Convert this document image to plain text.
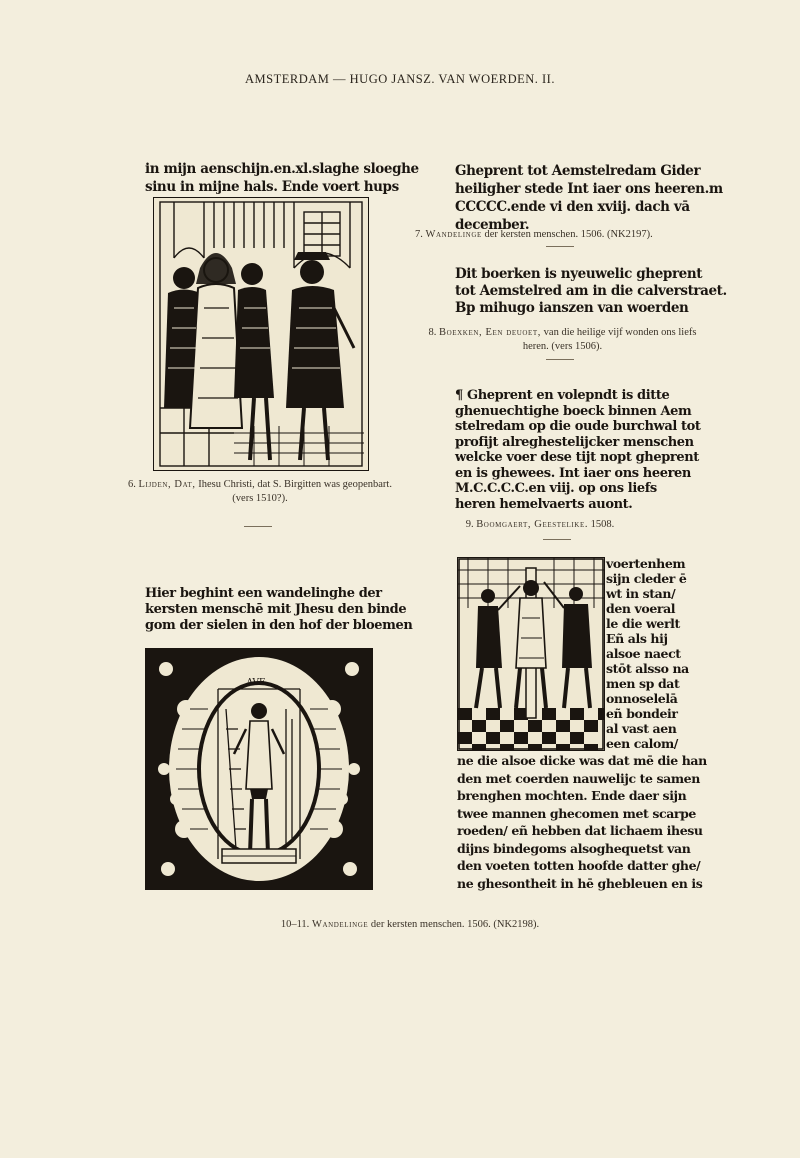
AMSTERDAM — HUGO JANSZ. VAN WOERDEN. II.
in mijn aenschijn.en.xl.slaghe sloeghe
sinu in mijne hals. Ende voert hups
6. Lijden, Dat, Ihesu Christi, dat S. Birgitten was geopenbart.
(vers 1510?).
Gheprent tot Aemstelredam Gider
heiligher stede Int iaer ons heeren.m
CCCCC.ende vi den xviij. dach vā
december.
7. Wandelinge der kersten menschen. 1506. (NK2197).
Dit boerken is nyeuwelic gheprent
tot Aemstelred am in die calverstraet.
Bp mihugo ianszen van woerden
8. Boexken, Een deuoet, van die heilige vijf wonden ons liefs
heren. (vers 1506).
¶ Gheprent en volepndt is ditte
ghenuechtighe boeck binnen Aem
stelredam op die oude burchwal tot
profijt alreghestelijcker menschen
welcke voer dese tijt nopt gheprent
en is ghewees. Int iaer ons heeren
M.C.C.C.C.en viij. op ons liefs
heren hemelvaerts auont.
9. Boomgaert, Geestelike. 1508.
Hier beghint een wandelinghe der
kersten menschē mit Jhesu den binde
gom der sielen in den hof der bloemen
AVE
voertenhem
sijn cleder ē
wt in stan/
den voeral
le die werlt
Eñ als hij
alsoe naect
stōt alsso na
men sp dat
onnoselelā
eñ bondeir
al vast aen
een calom/
ne die alsoe dicke was dat mē die han
den met coerden nauwelijc te samen
brenghen mochten. Ende daer sijn
twee mannen ghecomen met scarpe
roeden/ eñ hebben dat lichaem ihesu
dijns bindegoms alsoghequetst van
den voeten totten hoofde datter ghe/
ne ghesontheit in hē ghebleuen en is
10–11. Wandelinge der kersten menschen. 1506. (NK2198).
